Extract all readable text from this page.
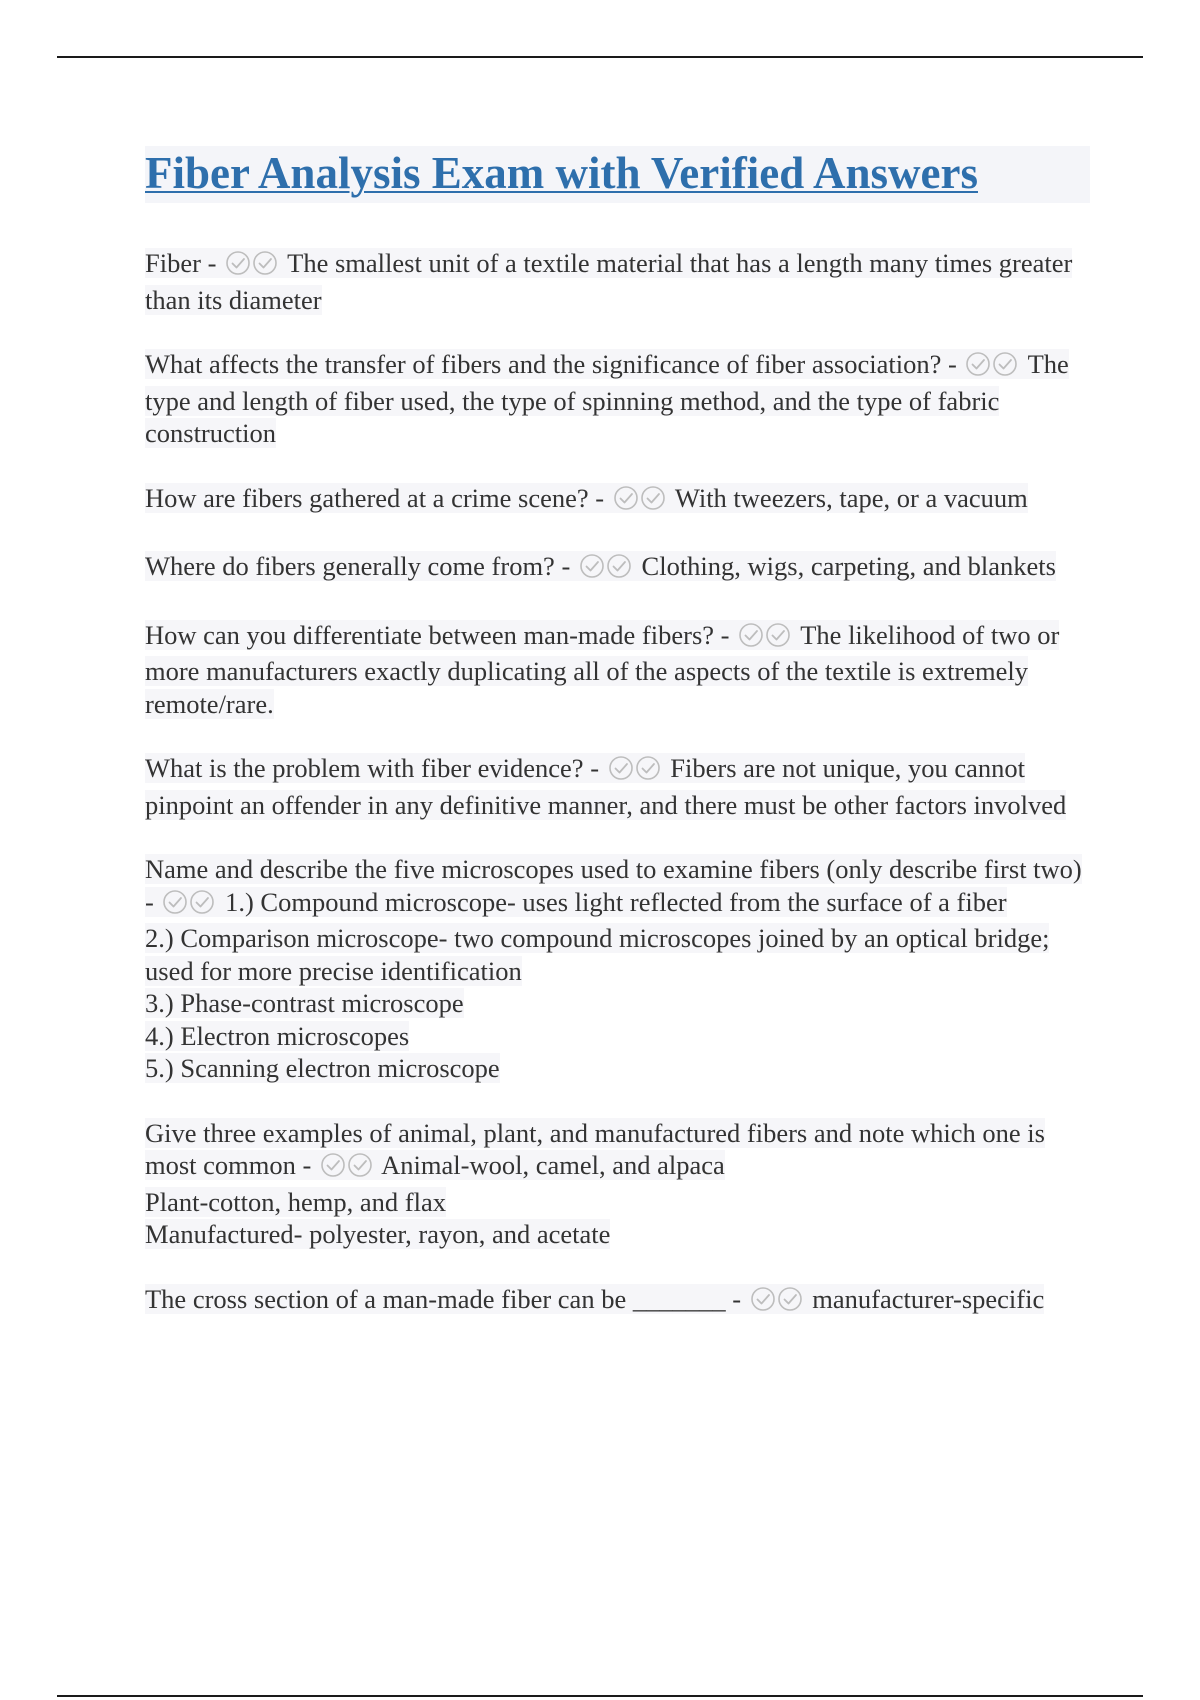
Fiber Analysis Exam with Verified Answers

Fiber -	The smallest unit of a textile material that has a length many times greater than its diameter

What affects the transfer of fibers and the significance of fiber association? -	The type and length of fiber used, the type of spinning method, and the type of fabric construction

How are fibers gathered at a crime scene? -	With tweezers, tape, or a vacuum

Where do fibers generally come from? -	Clothing, wigs, carpeting, and blankets

How can you differentiate between man-made fibers? -	The likelihood of two or more manufacturers exactly duplicating all of the aspects of the textile is extremely remote/rare.

What is the problem with fiber evidence? -	Fibers are not unique, you cannot pinpoint an offender in any definitive manner, and there must be other factors involved

Name and describe the five microscopes used to examine fibers (only describe first two) -	1.) Compound microscope- uses light reflected from the surface of a fiber
2.) Comparison microscope- two compound microscopes joined by an optical bridge; used for more precise identification
3.) Phase-contrast microscope
4.) Electron microscopes
5.) Scanning electron microscope

Give three examples of animal, plant, and manufactured fibers and note which one is most common -	Animal-wool, camel, and alpaca
Plant-cotton, hemp, and flax
Manufactured- polyester, rayon, and acetate

The cross section of a man-made fiber can be _______ -	manufacturer-specific
